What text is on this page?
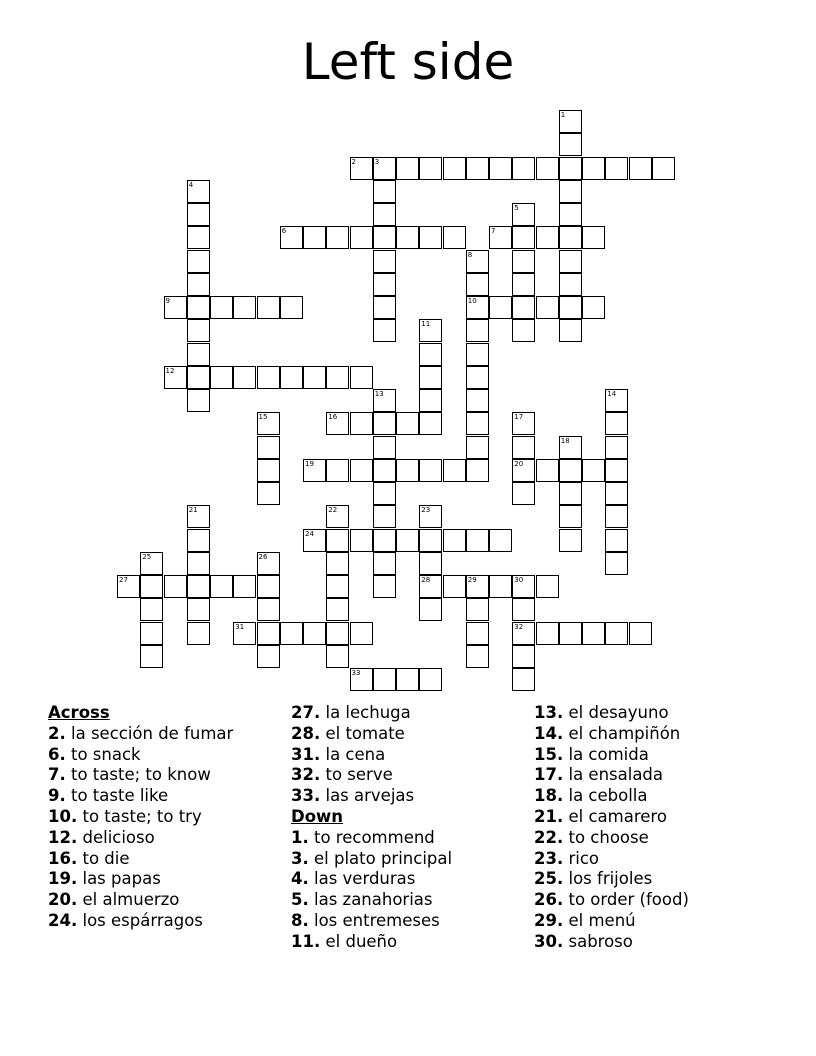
Left side
1
2	3
4
5
6	7
8
10
9
11
12
13	14
15	16	17
20
18
19
21	22	23
28
24
25	26
27	29	30
32
31
33
Across
2. la sección de fumar
6. to snack
7. to taste; to know
9. to taste like
10. to taste; to try
12. delicioso
16. to die
19. las papas
20. el almuerzo
24. los espárragos
27. la lechuga
28. el tomate
31. la cena
32. to serve
33. las arvejas
Down
1. to recommend
3. el plato principal
4. las verduras
5. las zanahorias
8. los entremeses
11. el dueño
13. el desayuno
14. el champiñón
15. la comida
17. la ensalada
18. la cebolla
21. el camarero
22. to choose
23. rico
25. los frijoles
26. to order (food)
29. el menú
30. sabroso
